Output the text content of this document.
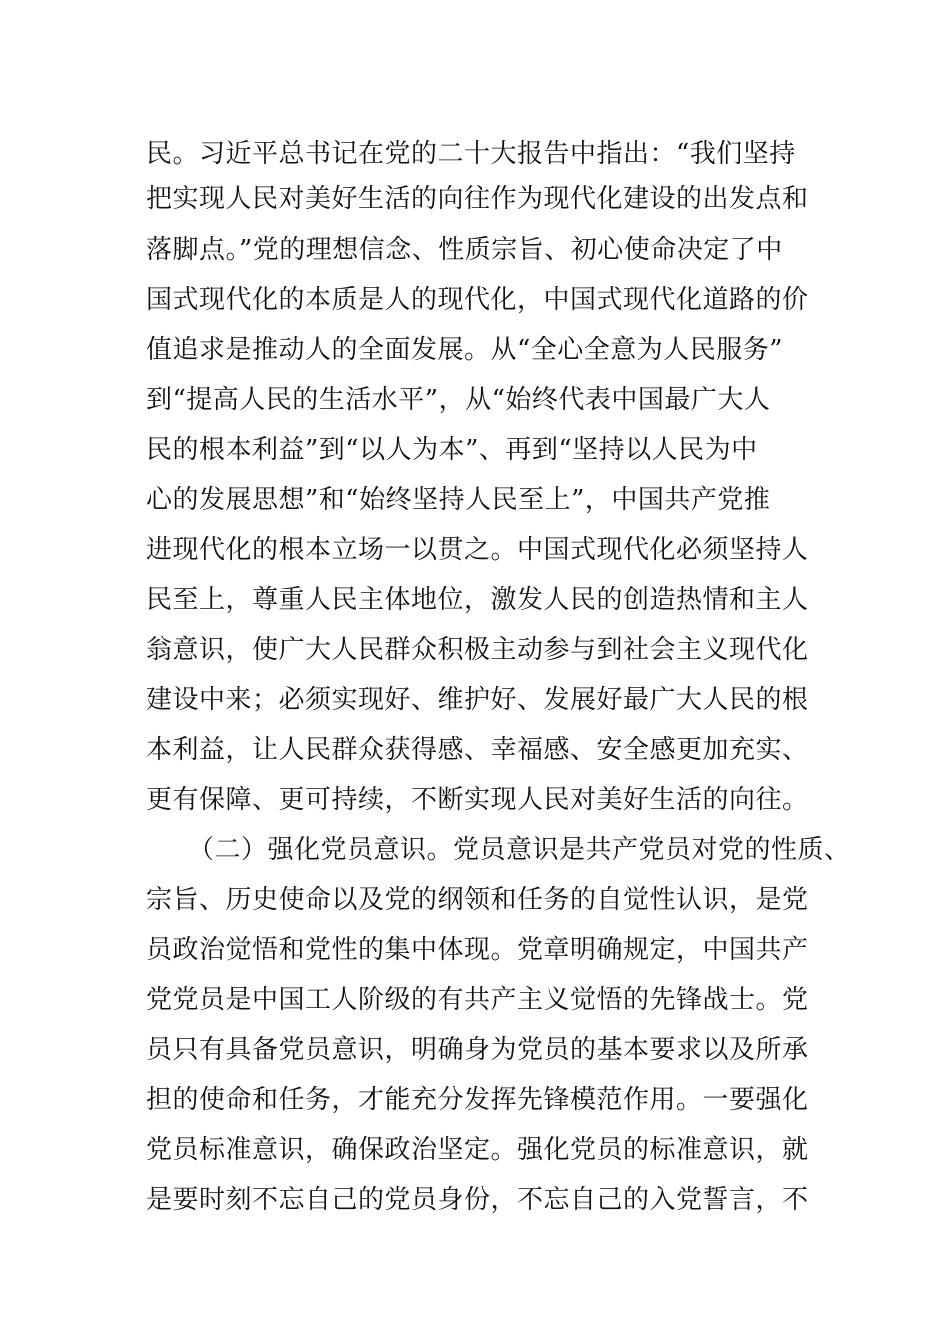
民。习近平总书记在党的二十大报告中指出：“我们坚持
把实现人民对美好生活的向往作为现代化建设的出发点和
落脚点。”党的理想信念、性质宗旨、初心使命决定了中
国式现代化的本质是人的现代化，中国式现代化道路的价
值追求是推动人的全面发展。从“全心全意为人民服务”
到“提高人民的生活水平”，从“始终代表中国最广大人
民的根本利益”到“以人为本”、再到“坚持以人民为中
心的发展思想”和“始终坚持人民至上”，中国共产党推
进现代化的根本立场一以贯之。中国式现代化必须坚持人
民至上，尊重人民主体地位，激发人民的创造热情和主人
翁意识，使广大人民群众积极主动参与到社会主义现代化
建设中来；必须实现好、维护好、发展好最广大人民的根
本利益，让人民群众获得感、幸福感、安全感更加充实、
更有保障、更可持续，不断实现人民对美好生活的向往。
（二）强化党员意识。党员意识是共产党员对党的性质、
宗旨、历史使命以及党的纲领和任务的自觉性认识，是党
员政治觉悟和党性的集中体现。党章明确规定，中国共产
党党员是中国工人阶级的有共产主义觉悟的先锋战士。党
员只有具备党员意识，明确身为党员的基本要求以及所承
担的使命和任务，才能充分发挥先锋模范作用。一要强化
党员标准意识，确保政治坚定。强化党员的标准意识，就
是要时刻不忘自己的党员身份，不忘自己的入党誓言，不
